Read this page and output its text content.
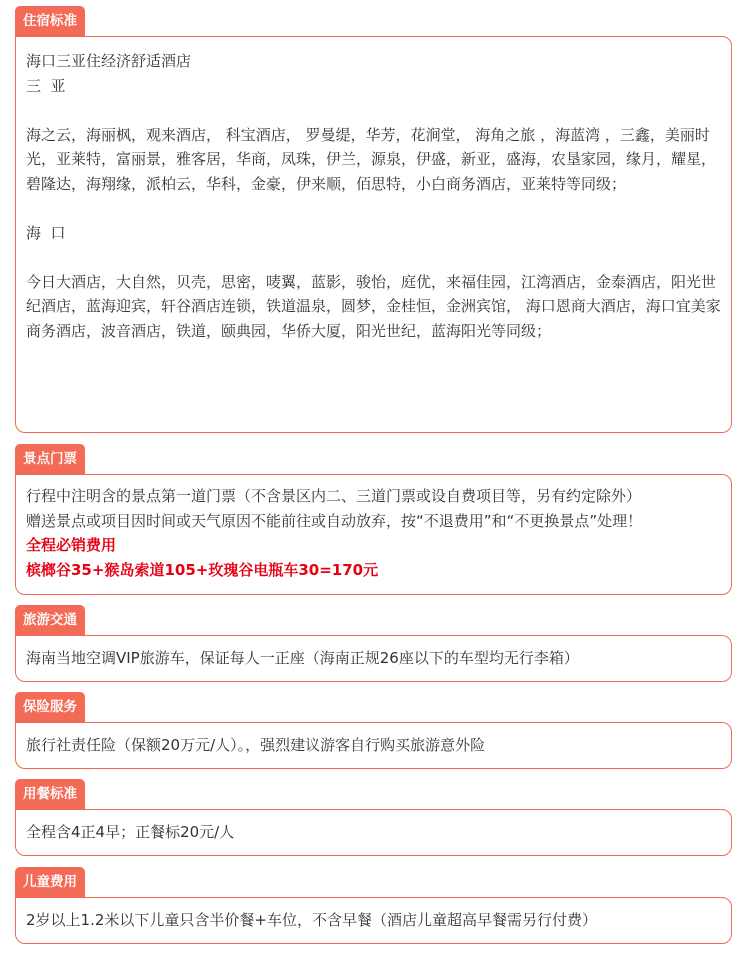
住宿标准

海口三亚住经济舒适酒店

三  亚

海之云，海丽枫，观来酒店， 科宝酒店， 罗曼缇，华芳，花涧堂， 海角之旅 ，海蓝湾 ，三鑫，美丽时光，亚莱特，富丽景，雅客居，华商，凤珠，伊兰，源泉，伊盛，新亚，盛海，农垦家园，缘月，耀星，碧隆达，海翔缘，派柏云，华科，金豪，伊来顺，佰思特，小白商务酒店，亚莱特等同级；

海  口

今日大酒店，大自然，贝壳，思密，唛翼，蓝影，骏怡，庭优，来福佳园，江湾酒店，金泰酒店，阳光世纪酒店，蓝海迎宾，轩谷酒店连锁，铁道温泉，圆梦，金桂恒，金洲宾馆， 海口恩商大酒店，海口宜美家商务酒店，波音酒店，铁道，颐典园，华侨大厦，阳光世纪，蓝海阳光等同级；

景点门票

行程中注明含的景点第一道门票（不含景区内二、三道门票或设自费项目等，另有约定除外）

赠送景点或项目因时间或天气原因不能前往或自动放弃，按“不退费用”和“不更换景点”处理！

全程必销费用

槟榔谷35+猴岛索道105+玫瑰谷电瓶车30=170元

旅游交通

海南当地空调VIP旅游车，保证每人一正座（海南正规26座以下的车型均无行李箱）

保险服务

旅行社责任险（保额20万元/人）。，强烈建议游客自行购买旅游意外险

用餐标准

全程含4正4早；正餐标20元/人

儿童费用

2岁以上1.2米以下儿童只含半价餐+车位，不含早餐（酒店儿童超高早餐需另行付费）
